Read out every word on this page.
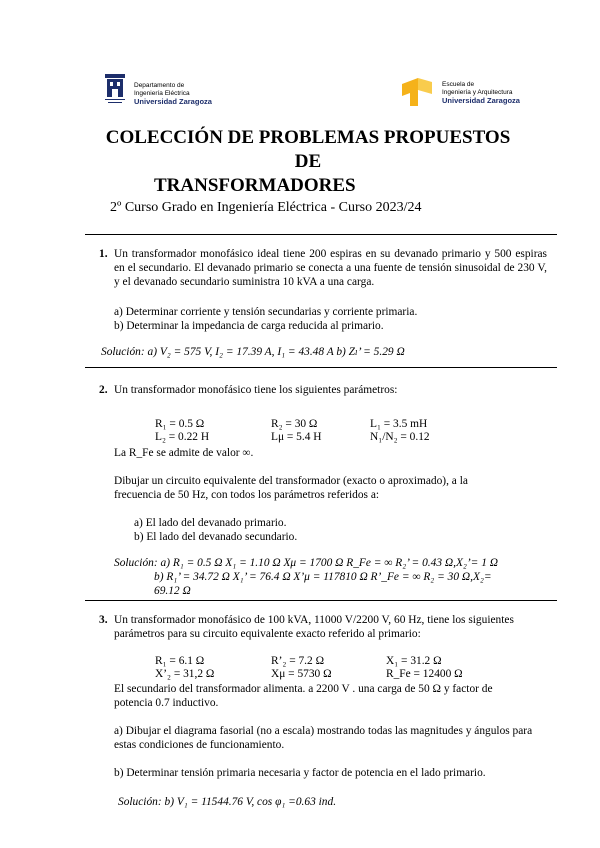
Departamento de
Ingeniería Eléctrica
Universidad Zaragoza
Escuela de
Ingeniería y Arquitectura
Universidad Zaragoza
COLECCIÓN DE PROBLEMAS PROPUESTOS
DE
TRANSFORMADORES
2º Curso Grado en Ingeniería Eléctrica - Curso 2023/24
1. Un transformador monofásico ideal tiene 200 espiras en su devanado primario y 500 espiras en el secundario. El devanado primario se conecta a una fuente de tensión sinusoidal de 230 V, y el devanado secundario suministra 10 kVA a una carga.
a) Determinar corriente y tensión secundarias y corriente primaria.
b) Determinar la impedancia de carga reducida al primario.
Solución: a) V₂ = 575 V, I₂ = 17.39 A, I₁ = 43.48 A b) Zₗ’ = 5.29 Ω
2. Un transformador monofásico tiene los siguientes parámetros:
R₁ = 0.5 Ω	R₂ = 30 Ω	L₁ = 3.5 mH
L₂ = 0.22 H	Lμ = 5.4 H	N₁/N₂ = 0.12
La R_Fe se admite de valor ∞.
Dibujar un circuito equivalente del transformador (exacto o aproximado), a la frecuencia de 50 Hz, con todos los parámetros referidos a:
a) El lado del devanado primario.
b) El lado del devanado secundario.
Solución: a) R₁ = 0.5 Ω X₁ = 1.10 Ω Xμ = 1700 Ω R_Fe = ∞ R₂’ = 0.43 Ω,X₂’= 1 Ω
b) R₁’ = 34.72 Ω X₁’ = 76.4 Ω X’μ = 117810 Ω R’_Fe = ∞ R₂ = 30 Ω,X₂=
69.12 Ω
3. Un transformador monofásico de 100 kVA, 11000 V/2200 V, 60 Hz, tiene los siguientes parámetros para su circuito equivalente exacto referido al primario:
R₁ = 6.1 Ω	R’₂ = 7.2 Ω	X₁ = 31.2 Ω
X’₂ = 31,2 Ω	Xμ = 5730 Ω	R_Fe = 12400 Ω
El secundario del transformador alimenta. a 2200 V . una carga de 50 Ω y factor de potencia 0.7 inductivo.
a) Dibujar el diagrama fasorial (no a escala) mostrando todas las magnitudes y ángulos para estas condiciones de funcionamiento.
b) Determinar tensión primaria necesaria y factor de potencia en el lado primario.
Solución: b) V₁ = 11544.76 V, cos φ₁ =0.63 ind.
